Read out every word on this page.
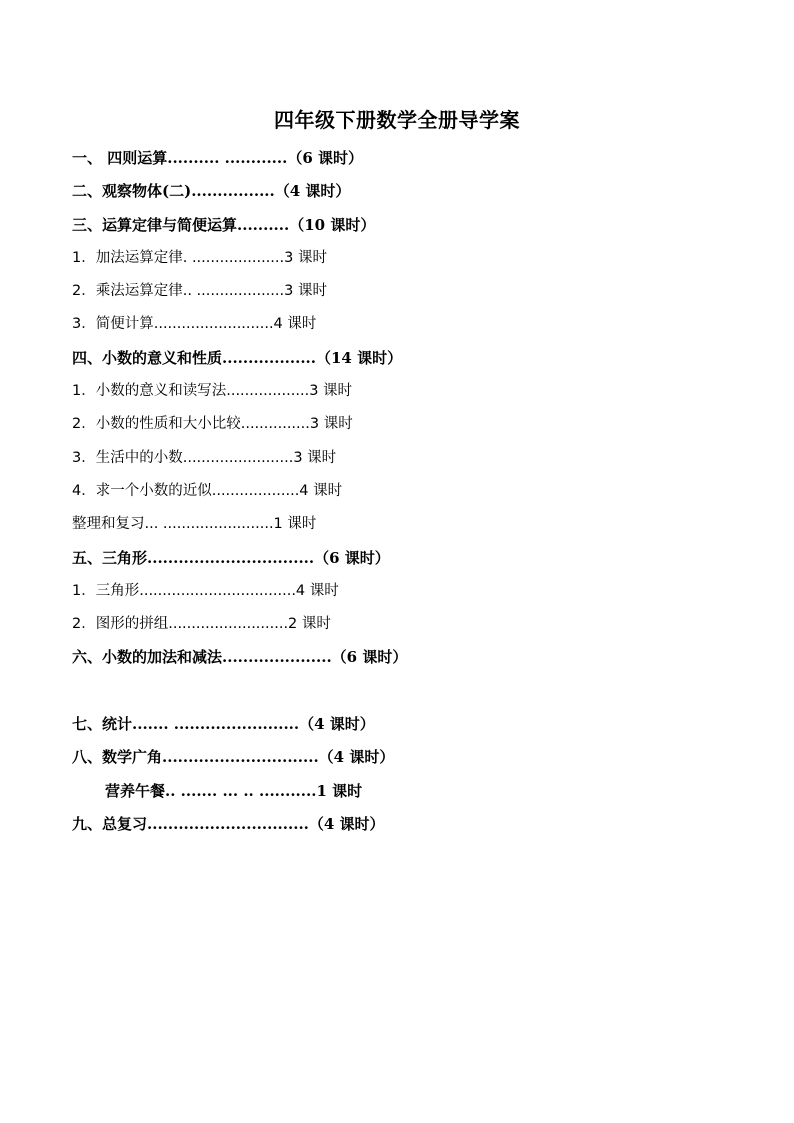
四年级下册数学全册导学案
一、 四则运算.......... ............（6 课时）
二、观察物体(二)................（4 课时）
三、运算定律与简便运算..........（10 课时）
1．加法运算定律. ....................3 课时
2．乘法运算定律.. ...................3 课时
3．简便计算..........................4 课时
四、小数的意义和性质..................（14 课时）
1．小数的意义和读写法..................3 课时
2．小数的性质和大小比较...............3 课时
3．生活中的小数........................3 课时
4．求一个小数的近似...................4 课时
整理和复习... ........................1 课时
五、三角形................................（6 课时）
1．三角形..................................4 课时
2．图形的拼组..........................2 课时
六、小数的加法和减法.....................（6 课时）
七、统计....... ........................（4 课时）
八、数学广角..............................（4 课时）
营养午餐.. ....... ... .. ...........1 课时
九、总复习...............................（4 课时）
